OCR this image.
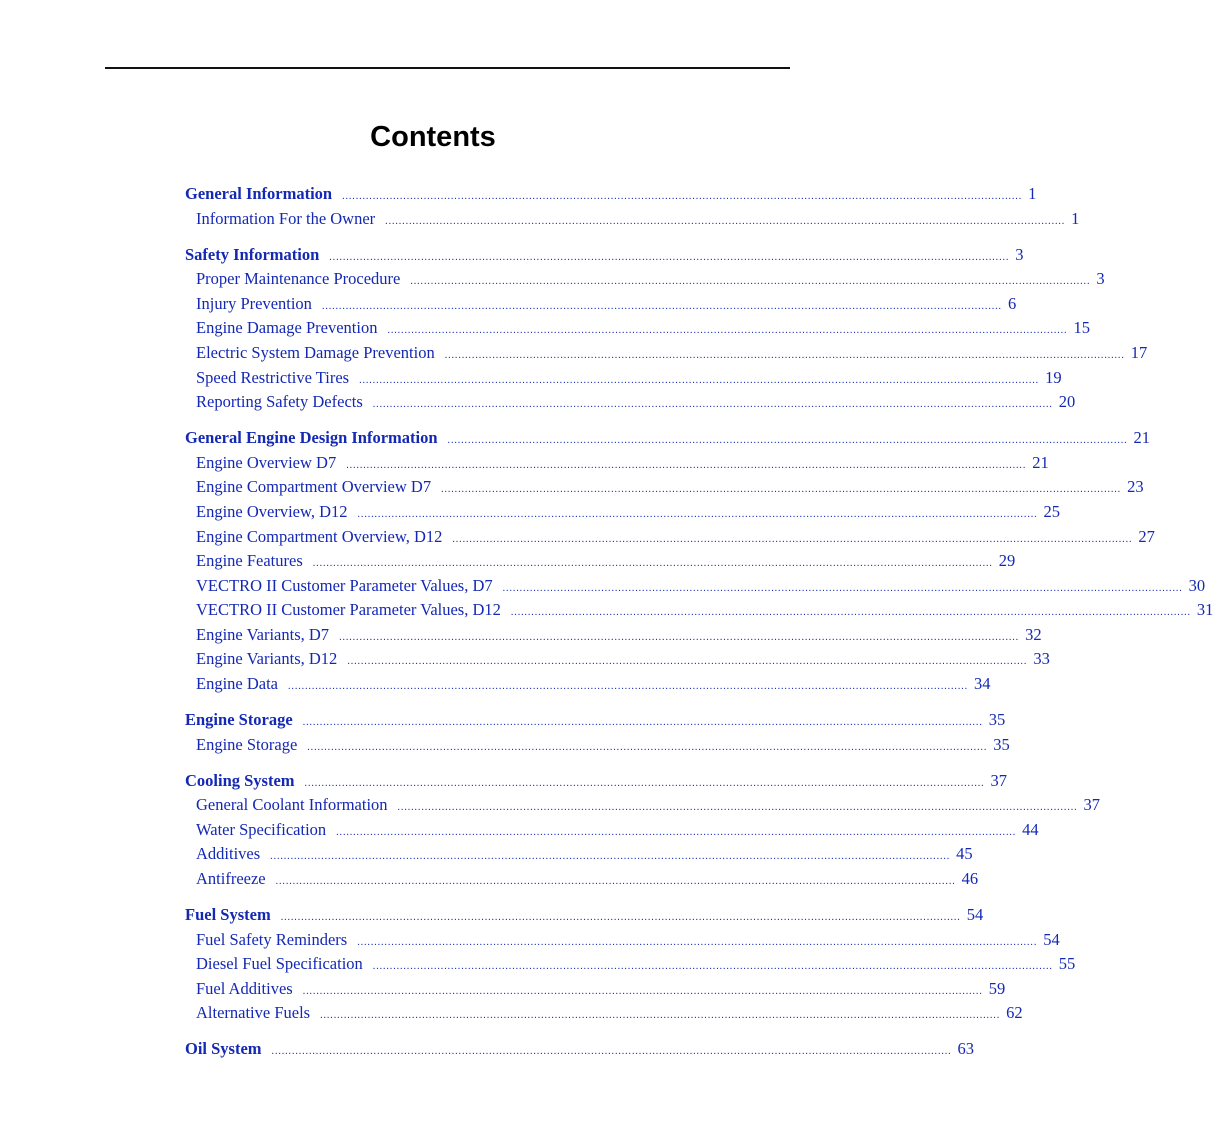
Contents
General Information ........................................................................................................................................................................................................ 1
Information For the Owner ........................................................................................................................................................................................................ 1
Safety Information ........................................................................................................................................................................................................ 3
Proper Maintenance Procedure ........................................................................................................................................................................................................ 3
Injury Prevention ........................................................................................................................................................................................................ 6
Engine Damage Prevention ........................................................................................................................................................................................................ 15
Electric System Damage Prevention ........................................................................................................................................................................................................ 17
Speed Restrictive Tires ........................................................................................................................................................................................................ 19
Reporting Safety Defects ........................................................................................................................................................................................................ 20
General Engine Design Information ........................................................................................................................................................................................................ 21
Engine Overview D7 ........................................................................................................................................................................................................ 21
Engine Compartment Overview D7 ........................................................................................................................................................................................................ 23
Engine Overview, D12 ........................................................................................................................................................................................................ 25
Engine Compartment Overview, D12 ........................................................................................................................................................................................................ 27
Engine Features ........................................................................................................................................................................................................ 29
VECTRO II Customer Parameter Values, D7 ........................................................................................................................................................................................................ 30
VECTRO II Customer Parameter Values, D12 ........................................................................................................................................................................................................ 31
Engine Variants, D7 ........................................................................................................................................................................................................ 32
Engine Variants, D12 ........................................................................................................................................................................................................ 33
Engine Data ........................................................................................................................................................................................................ 34
Engine Storage ........................................................................................................................................................................................................ 35
Engine Storage ........................................................................................................................................................................................................ 35
Cooling System ........................................................................................................................................................................................................ 37
General Coolant Information ........................................................................................................................................................................................................ 37
Water Specification ........................................................................................................................................................................................................ 44
Additives ........................................................................................................................................................................................................ 45
Antifreeze ........................................................................................................................................................................................................ 46
Fuel System ........................................................................................................................................................................................................ 54
Fuel Safety Reminders ........................................................................................................................................................................................................ 54
Diesel Fuel Specification ........................................................................................................................................................................................................ 55
Fuel Additives ........................................................................................................................................................................................................ 59
Alternative Fuels ........................................................................................................................................................................................................ 62
Oil System ........................................................................................................................................................................................................ 63
